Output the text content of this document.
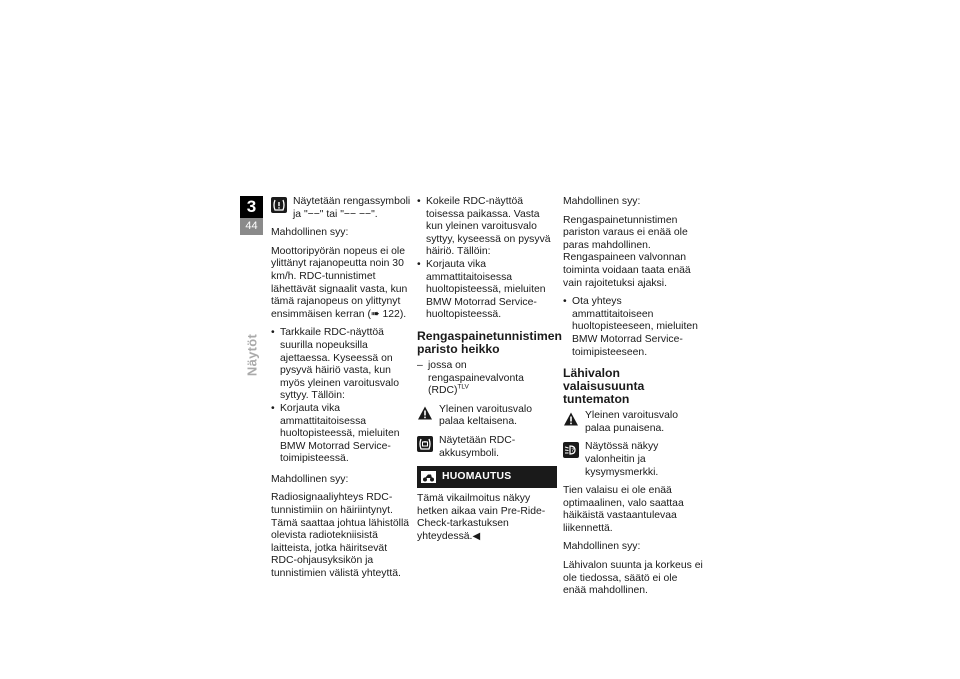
3
44
Näytöt
Näytetään rengassymboli ja "−−" tai "−− −−".

Mahdollinen syy:

Moottoripyörän nopeus ei ole ylittänyt rajanopeutta noin 30 km/h. RDC-tunnistimet lähettävät signaalit vasta, kun tämä rajanopeus on ylittynyt ensimmäisen kerran (➠ 122).

• Tarkkaile RDC-näyttöä suurilla nopeuksilla ajettaessa. Kyseessä on pysyvä häiriö vasta, kun myös yleinen varoitusvalo syttyy. Tällöin:
• Korjauta vika ammattitaitoisessa huoltopisteessä, mieluiten BMW Motorrad Service-toimipisteessä.

Mahdollinen syy:

Radiosignaaliyhteys RDC-tunnistimiin on häiriintynyt. Tämä saattaa johtua lähistöllä olevista radiotekniisistä laitteista, jotka häiritsevät RDC-ohjausyksikön ja tunnistimien välistä yhteyttä.

• Kokeile RDC-näyttöä toisessa paikassa. Vasta kun yleinen varoitusvalo syttyy, kyseessä on pysyvä häiriö. Tällöin:
• Korjauta vika ammattitaitoisessa huoltopisteessä, mieluiten BMW Motorrad Service-huoltopisteessä.
Rengaspainetunnistimen paristo heikko
– jossa on rengaspainevalvonta (RDC)$^{TLV}$
Yleinen varoitusvalo palaa keltaisena.
Näytetään RDC-akkusymboli.
HUOMAUTUS

Tämä vikailmoitus näkyy hetken aikaa vain Pre-Ride-Check-tarkastuksen yhteydessä.◀

Mahdollinen syy:

Rengaspainetunnistimen pariston varaus ei enää ole paras mahdollinen. Rengaspaineen valvonnan toiminta voidaan taata enää vain rajoitetuksi ajaksi.

• Ota yhteys ammattitaitoiseen huoltopisteeseen, mieluiten BMW Motorrad Service-toimipisteeseen.
Lähivalon valaisusuunta tuntematon
Yleinen varoitusvalo palaa punaisena.
? Näytössä näkyy valonheitin ja kysymysmerkki.

Tien valaisu ei ole enää optimaalinen, valo saattaa häikäistä vastaantulevaa liikennettä.

Mahdollinen syy:

Lähivalon suunta ja korkeus ei ole tiedossa, säätö ei ole enää mahdollinen.
